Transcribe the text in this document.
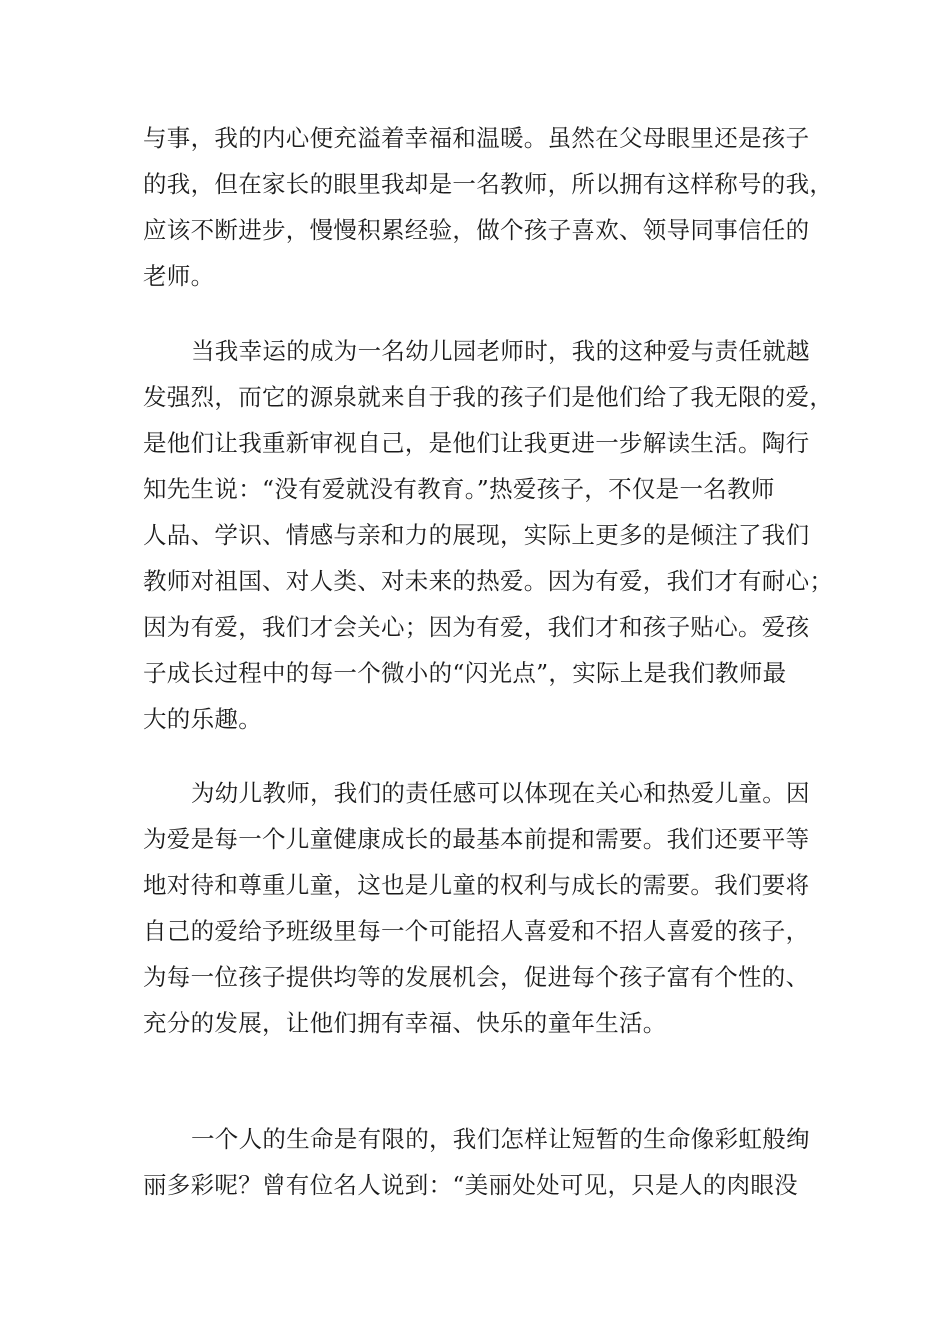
与事，我的内心便充溢着幸福和温暖。虽然在父母眼里还是孩子
的我，但在家长的眼里我却是一名教师，所以拥有这样称号的我，
应该不断进步，慢慢积累经验，做个孩子喜欢、领导同事信任的
老师。
当我幸运的成为一名幼儿园老师时，我的这种爱与责任就越
发强烈，而它的源泉就来自于我的孩子们是他们给了我无限的爱，
是他们让我重新审视自己，是他们让我更进一步解读生活。陶行
知先生说：“没有爱就没有教育。”热爱孩子，不仅是一名教师
人品、学识、情感与亲和力的展现，实际上更多的是倾注了我们
教师对祖国、对人类、对未来的热爱。因为有爱，我们才有耐心；
因为有爱，我们才会关心；因为有爱，我们才和孩子贴心。爱孩
子成长过程中的每一个微小的“闪光点”，实际上是我们教师最
大的乐趣。
为幼儿教师，我们的责任感可以体现在关心和热爱儿童。因
为爱是每一个儿童健康成长的最基本前提和需要。我们还要平等
地对待和尊重儿童，这也是儿童的权利与成长的需要。我们要将
自己的爱给予班级里每一个可能招人喜爱和不招人喜爱的孩子，
为每一位孩子提供均等的发展机会，促进每个孩子富有个性的、
充分的发展，让他们拥有幸福、快乐的童年生活。
一个人的生命是有限的，我们怎样让短暂的生命像彩虹般绚
丽多彩呢？曾有位名人说到：“美丽处处可见，只是人的肉眼没
